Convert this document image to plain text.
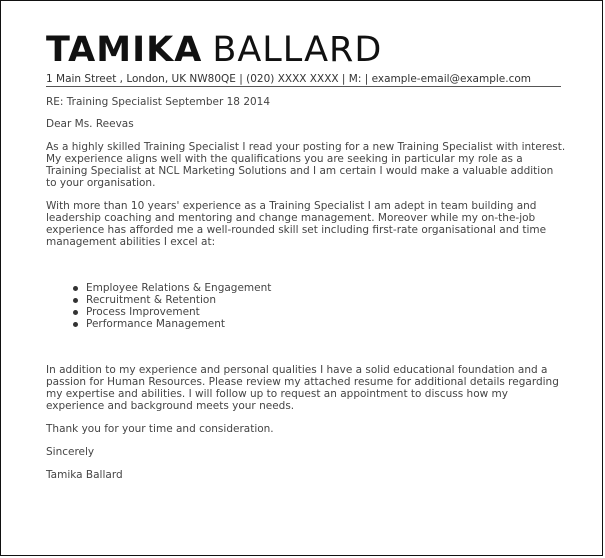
TAMIKA BALLARD
1 Main Street , London, UK NW80QE | (020) XXXX XXXX | M: | example-email@example.com

RE: Training Specialist September 18 2014

Dear Ms. Reevas

As a highly skilled Training Specialist I read your posting for a new Training Specialist with interest. My experience aligns well with the qualifications you are seeking in particular my role as a Training Specialist at NCL Marketing Solutions and I am certain I would make a valuable addition to your organisation.

With more than 10 years' experience as a Training Specialist I am adept in team building and leadership coaching and mentoring and change management. Moreover while my on-the-job experience has afforded me a well-rounded skill set including first-rate organisational and time management abilities I excel at:

Employee Relations & Engagement
Recruitment & Retention
Process Improvement
Performance Management

In addition to my experience and personal qualities I have a solid educational foundation and a passion for Human Resources. Please review my attached resume for additional details regarding my expertise and abilities. I will follow up to request an appointment to discuss how my experience and background meets your needs.

Thank you for your time and consideration.

Sincerely

Tamika Ballard
